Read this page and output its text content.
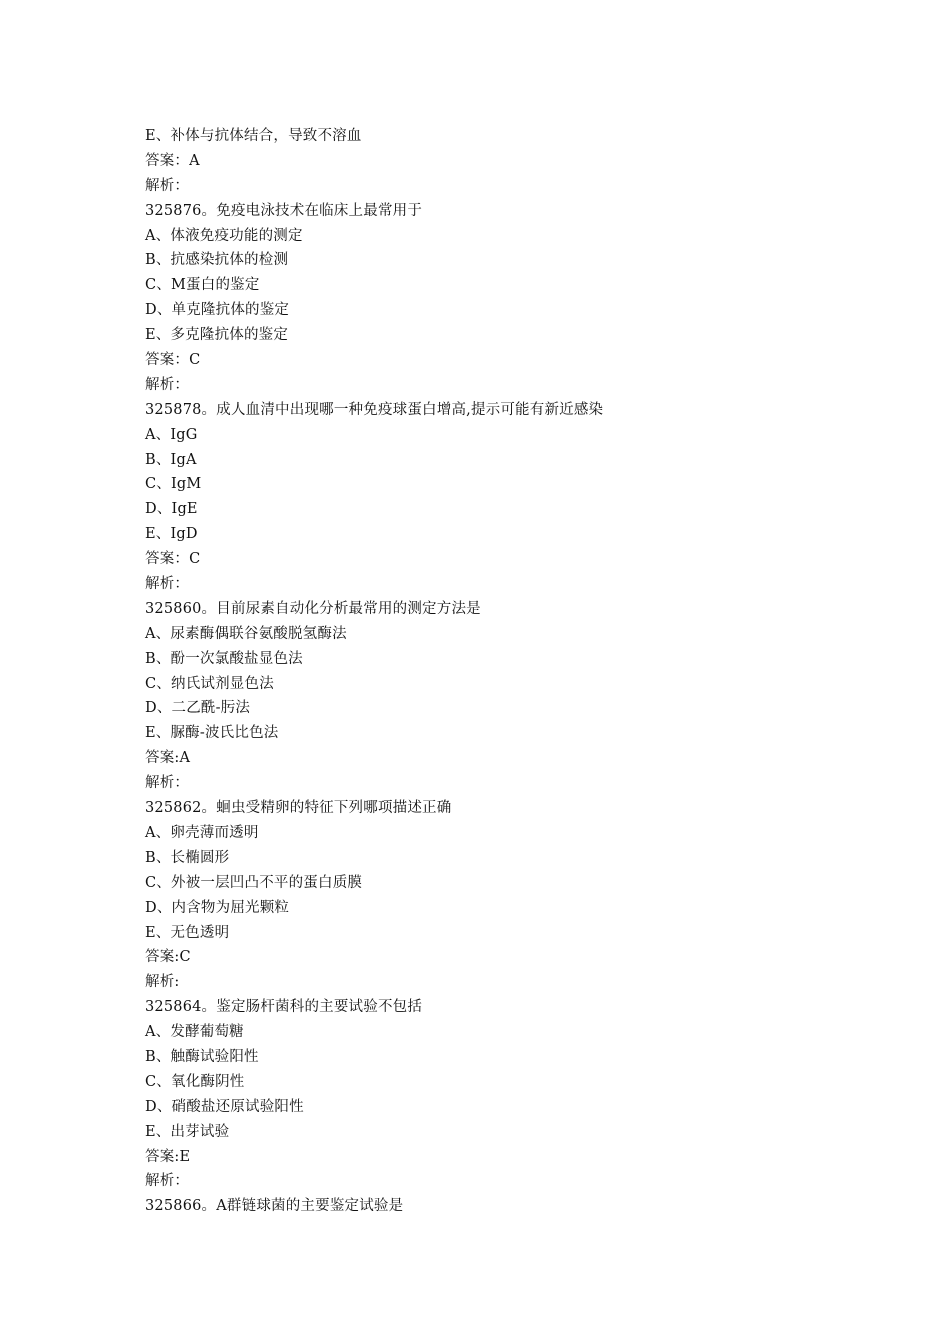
E、补体与抗体结合，导致不溶血
答案：A
解析：
325876。免疫电泳技术在临床上最常用于
A、体液免疫功能的测定
B、抗感染抗体的检测
C、M蛋白的鉴定
D、单克隆抗体的鉴定
E、多克隆抗体的鉴定
答案：C
解析：
325878。成人血清中出现哪一种免疫球蛋白增高,提示可能有新近感染
A、IgG
B、IgA
C、IgM
D、IgE
E、IgD
答案：C
解析：
325860。目前尿素自动化分析最常用的测定方法是
A、尿素酶偶联谷氨酸脱氢酶法
B、酚一次氯酸盐显色法
C、纳氏试剂显色法
D、二乙酰-肟法
E、脲酶-波氏比色法
答案:A
解析：
325862。蛔虫受精卵的特征下列哪项描述正确
A、卵壳薄而透明
B、长椭圆形
C、外被一层凹凸不平的蛋白质膜
D、内含物为屈光颗粒
E、无色透明
答案:C
解析:
325864。鉴定肠杆菌科的主要试验不包括
A、发酵葡萄糖
B、触酶试验阳性
C、氧化酶阴性
D、硝酸盐还原试验阳性
E、出芽试验
答案:E
解析：
325866。A群链球菌的主要鉴定试验是
